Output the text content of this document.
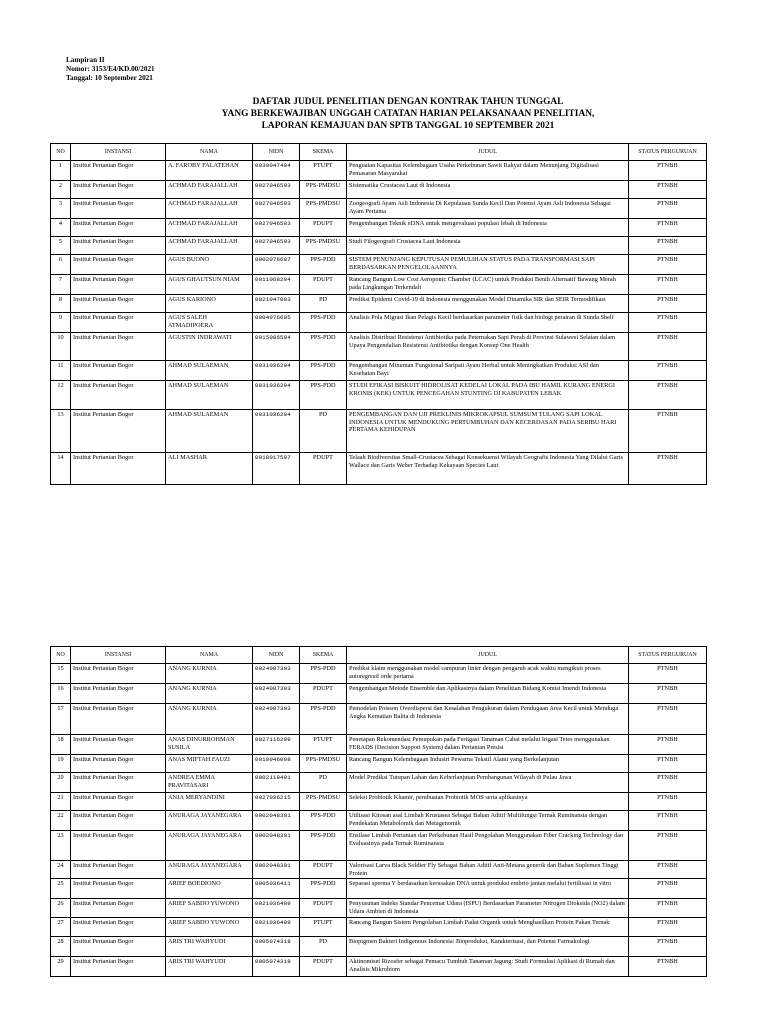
Lampiran II
Nomor: 3153/E4/KD.00/2021
Tanggal: 10 September 2021
DAFTAR JUDUL PENELITIAN DENGAN KONTRAK TAHUN TUNGGAL
YANG BERKEWAJIBAN UNGGAH CATATAN HARIAN PELAKSANAAN PENELITIAN,
LAPORAN KEMAJUAN DAN SPTB TANGGAL 10 SEPTEMBER 2021
NO	INSTANSI	NAMA	NIDN	SKEMA	JUDUL	STATUS PERGURUAN
1	Institut Pertanian Bogor	A. FAROBY FALATEHAN	0030047404	PTUPT	Penguatan Kapasitas Kelembagaan Usaha Perkebunan Sawit Rakyat dalam Menunjang Digitalisasi Pemasaran Masyarakat	PTNBH
2	Institut Pertanian Bogor	ACHMAD FARAJALLAH	0027046503	PPS-PMDSU	Sistematika Crustacea Laut di Indonesia	PTNBH
3	Institut Pertanian Bogor	ACHMAD FARAJALLAH	0027046503	PPS-PMDSU	Zoogeografi Ayam Asli Indonesia Di Kepulauan Sunda Kecil Dan Potensi Ayam Asli Indonesia Sebagai Ayam Pertama	PTNBH
4	Institut Pertanian Bogor	ACHMAD FARAJALLAH	0027046503	PDUPT	Pengembangan Teknik eDNA untuk mengevaluasi populasi lebah di Indonesia	PTNBH
5	Institut Pertanian Bogor	ACHMAD FARAJALLAH	0027046503	PPS-PMDSU	Studi Filogeografi Crustacea Laut Indonesia	PTNBH
6	Institut Pertanian Bogor	AGUS BUONO	0002076607	PPS-PDD	SISTEM PENUNJANG KEPUTUSAN PEMULIHAN STATUS PADA TRANSFORMASI SAPI BERDASARKAN PENGELOLAANNYA	PTNBH
7	Institut Pertanian Bogor	AGUS GHAUTSUN NIAM	0011068204	PDUPT	Rancang Bangun Low Cost Aeroponic Chamber (LCAC) untuk Produksi Benih Alternatif Bawang Merah pada Lingkungan Terkendali	PTNBH
8	Institut Pertanian Bogor	AGUS KARIONO	0021047003	PD	Prediksi Epidemi Covid-19 di Indonesia menggunakan Model Dinamika SIR dan SEIR Termodifikasi	PTNBH
9	Institut Pertanian Bogor	AGUS SALEH ATMADIPOERA	0004076605	PPS-PDD	Analisis Pola Migrasi Ikan Pelagis Kecil berdasarkan parameter fisik dan biologi perairan di Sunda Shelf	PTNBH
10	Institut Pertanian Bogor	AGUSTIN INDRAWATI	0015086504	PPS-PDD	Analisis Distribusi Resistensi Antibiotika pada Peternakan Sapi Perah di Provinsi Sulawesi Selatan dalam Upaya Pengendalian Resistensi Antibiotika dengan Konsep One Health	PTNBH
11	Institut Pertanian Bogor	AHMAD SULAEMAN	0031036204	PPS-PDD	Pengembangan Minuman Fungsional Saripati Ayam Herbal untuk Meningkatkan Produksi ASI dan Kesehatan Bayi	PTNBH
12	Institut Pertanian Bogor	AHMAD SULAEMAN	0031036204	PPS-PDD	STUDI EFIKASI BISKUIT HIDROLISAT KEDELAI LOKAL PADA IBU HAMIL KURANG ENERGI KRONIS (KEK) UNTUK PENCEGAHAN STUNTING DI KABUPATEN LEBAK	PTNBH
13	Institut Pertanian Bogor	AHMAD SULAEMAN	0031036204	PD	PENGEMBANGAN DAN UJI PREKLINIS MIKROKAPSUL SUMSUM TULANG SAPI LOKAL INDONESIA UNTUK MENDUKUNG PERTUMBUHAN DAN KECERDASAN PADA SERIBU HARI PERTAMA KEHIDUPAN	PTNBH
14	Institut Pertanian Bogor	ALI MASHAR	0018017507	PDUPT	Telaah Biodiversitas Small-Crustacea Sebagai Konsekuensi Wilayah Geografis Indonesia Yang Dilalui Garis Wallace dan Garis Weber Terhadap Kekayaan Species Laut	PTNBH
NO	INSTANSI	NAMA	NIDN	SKEMA	JUDUL	STATUS PERGURUAN
15	Institut Pertanian Bogor	ANANG KURNIA	0024087303	PPS-PDD	Prediksi klaim menggunakan model campuran linier dengan pengaruh acak waktu mengikuti proses autoregresif orde pertama	PTNBH
16	Institut Pertanian Bogor	ANANG KURNIA	0024087303	PDUPT	Pengembangan Metode Ensemble dan Aplikasinya dalam Penelitian Bidang Komisi Imendi Indonesia	PTNBH
17	Institut Pertanian Bogor	ANANG KURNIA	0024087303	PPS-PDD	Pemodelan Poisson Overdispersi dan Kesalahan Pengukuran dalam Pendugaan Area Kecil untuk Menduga Angka Kematian Balita di Indonesia	PTNBH
18	Institut Pertanian Bogor	ANAS DINURROHMAN SUSILA	0027116209	PTUPT	Penetapan Rekomendasi Pemupukan pada Fertigasi Tanaman Cabai melalui Irigasi Tetes menggunakan FERADS (Decision Support System) dalam Pertanian Presisi	PTNBH
19	Institut Pertanian Bogor	ANAS MIFTAH FAUZI	0019046008	PPS-PMDSU	Rancang Bangun Kelembagaan Industri Pewarna Tekstil Alami yang Berkelanjutan	PTNBH
20	Institut Pertanian Bogor	ANDREA EMMA PRAVITASARI	0002118401	PD	Model Prediksi Tutupan Lahan dan Keberlanjutan Pembangunan Wilayah di Pulau Jawa	PTNBH
21	Institut Pertanian Bogor	ANJA MERYANDINI	0027036215	PPS-PMDSU	Seleksi Probiotik Khamir, pembuatan Probiotik MOS serta aplikasinya	PTNBH
22	Institut Pertanian Bogor	ANURAGA JAYANEGARA	0002048301	PPS-PDD	Utilisasi Kitosan asal Limbah Krustasea Sebagai Bahan Aditif Multifungsi Ternak Ruminansia dengan Pendekatan Metabolomik dan Metagenomik	PTNBH
23	Institut Pertanian Bogor	ANURAGA JAYANEGARA	0002048301	PPS-PDD	Ensilase Limbah Pertanian dan Perkebunan Hasil Pengolahan Menggunakan Fiber Cracking Technology dan Evaluasinya pada Ternak Ruminansia	PTNBH
24	Institut Pertanian Bogor	ANURAGA JAYANEGARA	0002048301	PDUPT	Valorisasi Larva Black Soldier Fly Sebagai Bahan Aditif Anti-Metana generik dan Bahan Suplemen Tinggi Protein	PTNBH
25	Institut Pertanian Bogor	ARIEF BOEDIONO	0005036411	PPS-PDD	Separasi sperma Y berdasarkan kerusakan DNA untuk produksi embrio jantan melalui fertilisasi in vitro	PTNBH
26	Institut Pertanian Bogor	ARIEF SABDO YUWONO	0021036409	PDUPT	Penyusunan Indeks Standar Pencemar Udara (ISPU) Berdasarkan Parameter Nitrogen Dioksida (NO2) dalam Udara Ambien di Indonesia	PTNBH
27	Institut Pertanian Bogor	ARIEF SABDO YUWONO	0021036409	PTUPT	Rancang Bangun Sistem Pengolahan Limbah Padat Organik untuk Menghasilkan Protein Pakan Ternak	PTNBH
28	Institut Pertanian Bogor	ARIS TRI WAHYUDI	0005074318	PD	Biopigmen Bakteri Indigenous Indonesia: Bioproduksi, Karakterisasi, dan Potensi Farmakologi	PTNBH
29	Institut Pertanian Bogor	ARIS TRI WAHYUDI	0005074318	PDUPT	Aktinomiset Rizosfer sebagai Pemacu Tumbuh Tanaman Jagung: Studi Formulasi Aplikasi di Rumah dan Analisis Mikrobiom	PTNBH
